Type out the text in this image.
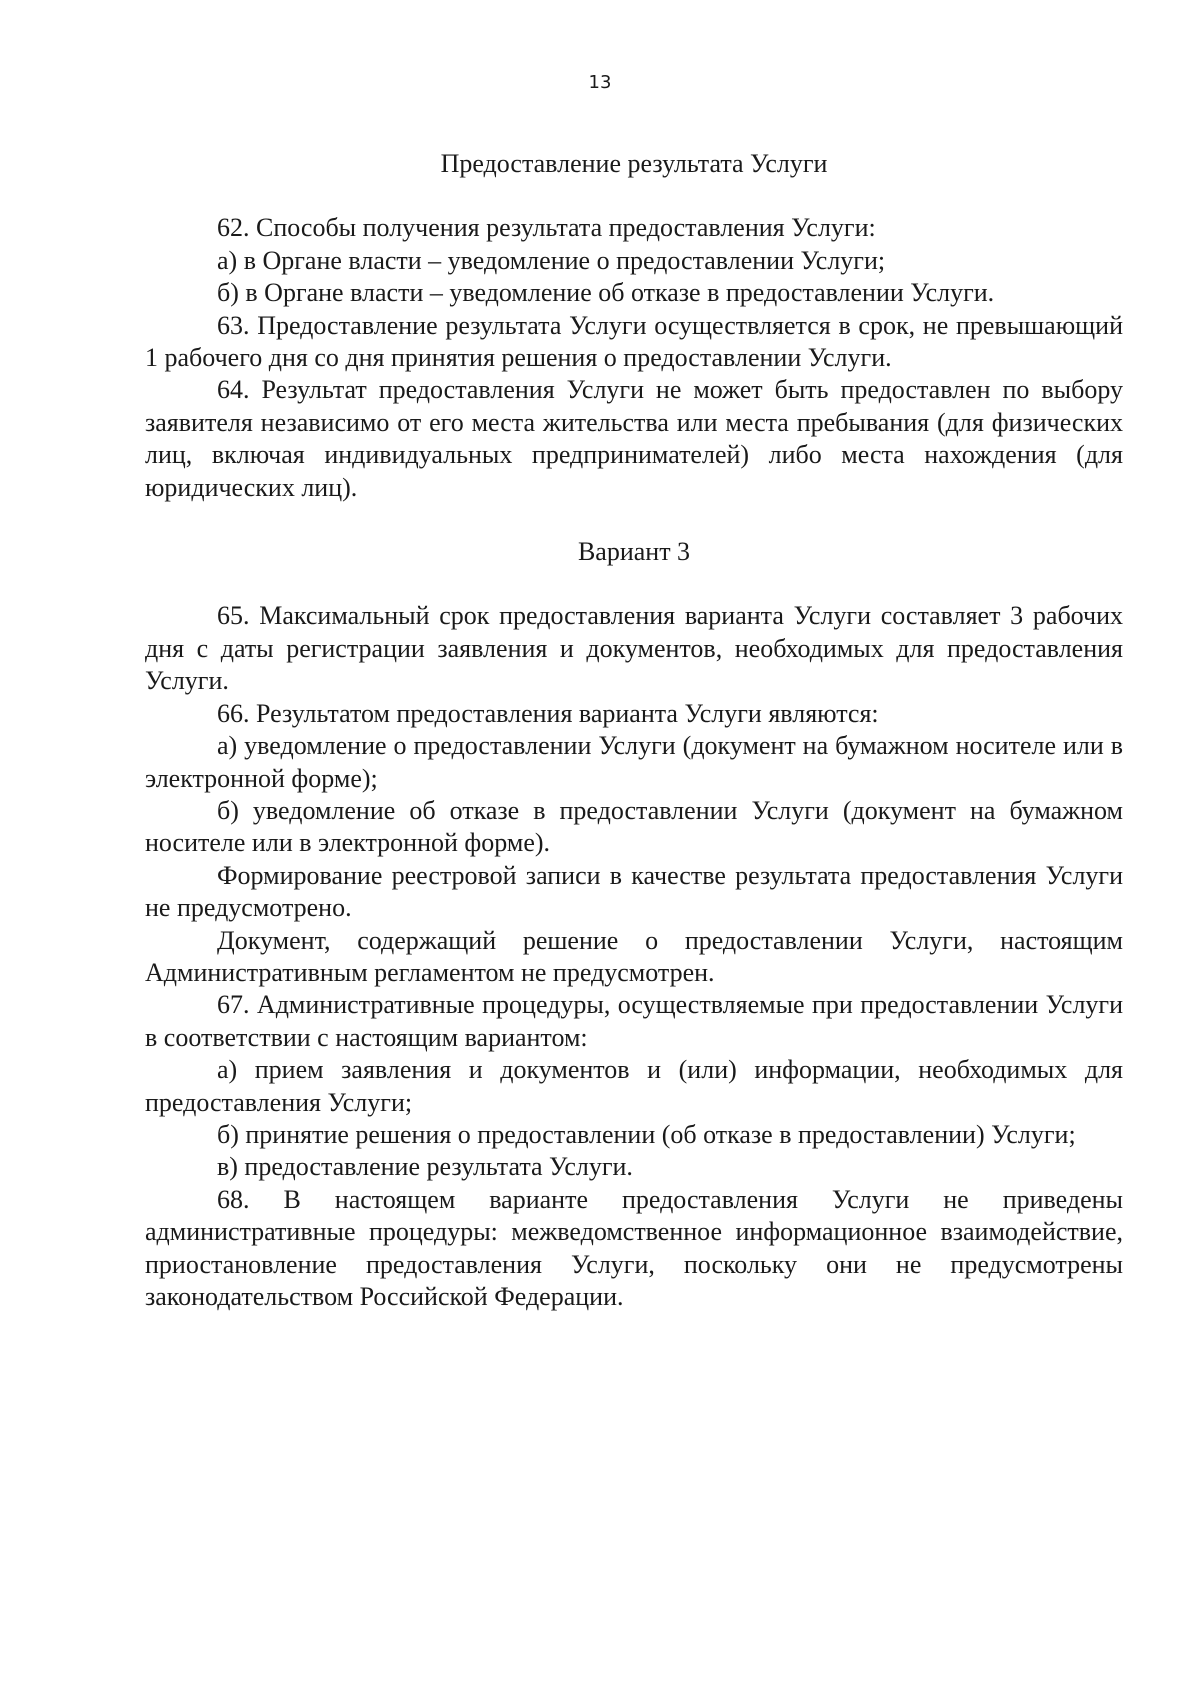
13

Предоставление результата Услуги

62. Способы получения результата предоставления Услуги:

а) в Органе власти – уведомление о предоставлении Услуги;

б) в Органе власти – уведомление об отказе в предоставлении Услуги.

63. Предоставление результата Услуги осуществляется в срок, не превышающий 1 рабочего дня со дня принятия решения о предоставлении Услуги.

64. Результат предоставления Услуги не может быть предоставлен по выбору заявителя независимо от его места жительства или места пребывания (для физических лиц, включая индивидуальных предпринимателей) либо места нахождения (для юридических лиц).

Вариант 3

65. Максимальный срок предоставления варианта Услуги составляет 3 рабочих дня с даты регистрации заявления и документов, необходимых для предоставления Услуги.

66. Результатом предоставления варианта Услуги являются:

а) уведомление о предоставлении Услуги (документ на бумажном носителе или в электронной форме);

б) уведомление об отказе в предоставлении Услуги (документ на бумажном носителе или в электронной форме).

Формирование реестровой записи в качестве результата предоставления Услуги не предусмотрено.

Документ, содержащий решение о предоставлении Услуги, настоящим Административным регламентом не предусмотрен.

67. Административные процедуры, осуществляемые при предоставлении Услуги в соответствии с настоящим вариантом:

а) прием заявления и документов и (или) информации, необходимых для предоставления Услуги;

б) принятие решения о предоставлении (об отказе в предоставлении) Услуги;

в) предоставление результата Услуги.

68. В настоящем варианте предоставления Услуги не приведены административные процедуры: межведомственное информационное взаимодействие, приостановление предоставления Услуги, поскольку они не предусмотрены законодательством Российской Федерации.
